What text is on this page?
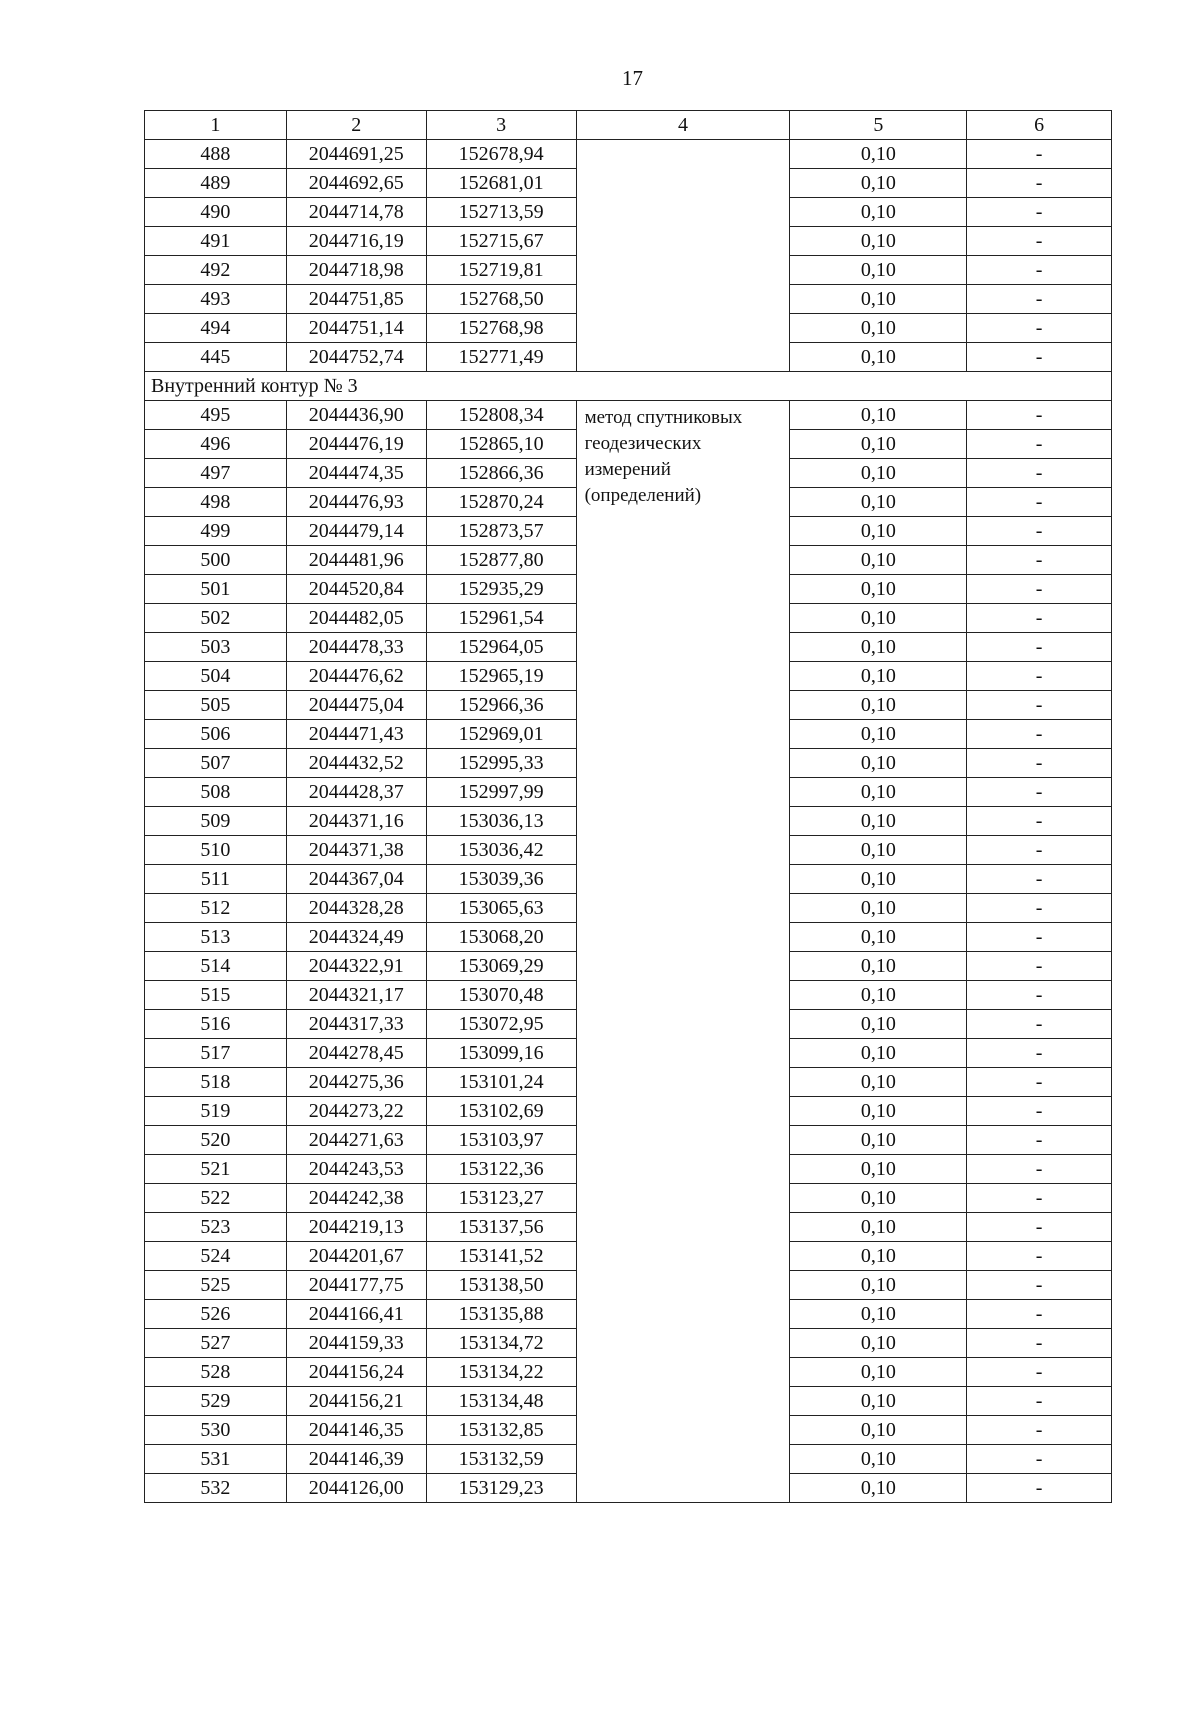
17
1	2	3	4	5	6
488	2044691,25	152678,94		0,10	-
489	2044692,65	152681,01		0,10	-
490	2044714,78	152713,59		0,10	-
491	2044716,19	152715,67		0,10	-
492	2044718,98	152719,81		0,10	-
493	2044751,85	152768,50		0,10	-
494	2044751,14	152768,98		0,10	-
445	2044752,74	152771,49		0,10	-
Внутренний контур № 3					
495	2044436,90	152808,34	метод спутниковых геодезических измерений (определений)	0,10	-
496	2044476,19	152865,10		0,10	-
497	2044474,35	152866,36		0,10	-
498	2044476,93	152870,24		0,10	-
499	2044479,14	152873,57		0,10	-
500	2044481,96	152877,80		0,10	-
501	2044520,84	152935,29		0,10	-
502	2044482,05	152961,54		0,10	-
503	2044478,33	152964,05		0,10	-
504	2044476,62	152965,19		0,10	-
505	2044475,04	152966,36		0,10	-
506	2044471,43	152969,01		0,10	-
507	2044432,52	152995,33		0,10	-
508	2044428,37	152997,99		0,10	-
509	2044371,16	153036,13		0,10	-
510	2044371,38	153036,42		0,10	-
511	2044367,04	153039,36		0,10	-
512	2044328,28	153065,63		0,10	-
513	2044324,49	153068,20		0,10	-
514	2044322,91	153069,29		0,10	-
515	2044321,17	153070,48		0,10	-
516	2044317,33	153072,95		0,10	-
517	2044278,45	153099,16		0,10	-
518	2044275,36	153101,24		0,10	-
519	2044273,22	153102,69		0,10	-
520	2044271,63	153103,97		0,10	-
521	2044243,53	153122,36		0,10	-
522	2044242,38	153123,27		0,10	-
523	2044219,13	153137,56		0,10	-
524	2044201,67	153141,52		0,10	-
525	2044177,75	153138,50		0,10	-
526	2044166,41	153135,88		0,10	-
527	2044159,33	153134,72		0,10	-
528	2044156,24	153134,22		0,10	-
529	2044156,21	153134,48		0,10	-
530	2044146,35	153132,85		0,10	-
531	2044146,39	153132,59		0,10	-
532	2044126,00	153129,23		0,10	-
